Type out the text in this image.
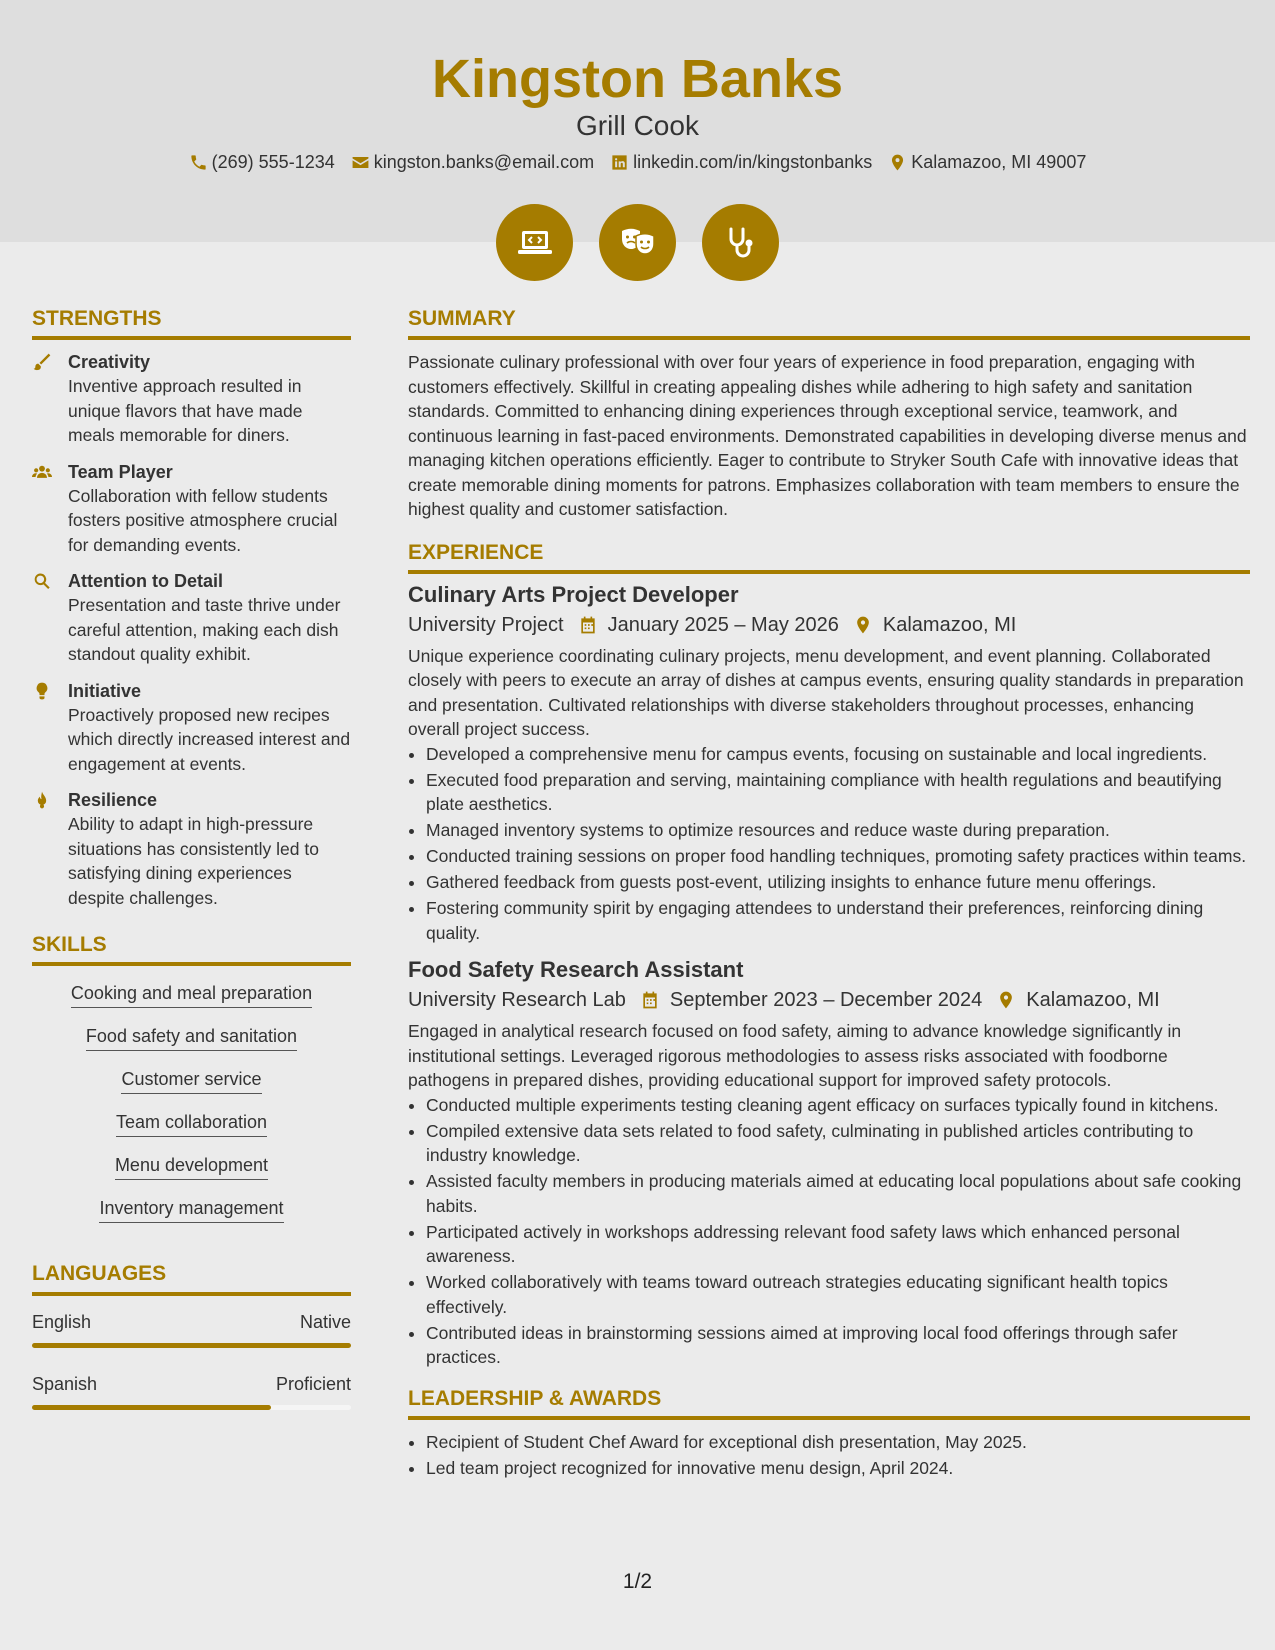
Kingston Banks
Grill Cook
(269) 555-1234 kingston.banks@email.com linkedin.com/in/kingstonbanks Kalamazoo, MI 49007
STRENGTHS
Creativity
Inventive approach resulted in unique flavors that have made meals memorable for diners.
Team Player
Collaboration with fellow students fosters positive atmosphere crucial for demanding events.
Attention to Detail
Presentation and taste thrive under careful attention, making each dish standout quality exhibit.
Initiative
Proactively proposed new recipes which directly increased interest and engagement at events.
Resilience
Ability to adapt in high-pressure situations has consistently led to satisfying dining experiences despite challenges.
SKILLS
Cooking and meal preparation
Food safety and sanitation
Customer service
Team collaboration
Menu development
Inventory management
LANGUAGES
English	Native
Spanish	Proficient
SUMMARY
Passionate culinary professional with over four years of experience in food preparation, engaging with customers effectively. Skillful in creating appealing dishes while adhering to high safety and sanitation standards. Committed to enhancing dining experiences through exceptional service, teamwork, and continuous learning in fast-paced environments. Demonstrated capabilities in developing diverse menus and managing kitchen operations efficiently. Eager to contribute to Stryker South Cafe with innovative ideas that create memorable dining moments for patrons. Emphasizes collaboration with team members to ensure the highest quality and customer satisfaction.
EXPERIENCE
Culinary Arts Project Developer
University Project January 2025 – May 2026 Kalamazoo, MI
Unique experience coordinating culinary projects, menu development, and event planning. Collaborated closely with peers to execute an array of dishes at campus events, ensuring quality standards in preparation and presentation. Cultivated relationships with diverse stakeholders throughout processes, enhancing overall project success.
• Developed a comprehensive menu for campus events, focusing on sustainable and local ingredients.
• Executed food preparation and serving, maintaining compliance with health regulations and beautifying plate aesthetics.
• Managed inventory systems to optimize resources and reduce waste during preparation.
• Conducted training sessions on proper food handling techniques, promoting safety practices within teams.
• Gathered feedback from guests post-event, utilizing insights to enhance future menu offerings.
• Fostering community spirit by engaging attendees to understand their preferences, reinforcing dining quality.
Food Safety Research Assistant
University Research Lab September 2023 – December 2024 Kalamazoo, MI
Engaged in analytical research focused on food safety, aiming to advance knowledge significantly in institutional settings. Leveraged rigorous methodologies to assess risks associated with foodborne pathogens in prepared dishes, providing educational support for improved safety protocols.
• Conducted multiple experiments testing cleaning agent efficacy on surfaces typically found in kitchens.
• Compiled extensive data sets related to food safety, culminating in published articles contributing to industry knowledge.
• Assisted faculty members in producing materials aimed at educating local populations about safe cooking habits.
• Participated actively in workshops addressing relevant food safety laws which enhanced personal awareness.
• Worked collaboratively with teams toward outreach strategies educating significant health topics effectively.
• Contributed ideas in brainstorming sessions aimed at improving local food offerings through safer practices.
LEADERSHIP & AWARDS
• Recipient of Student Chef Award for exceptional dish presentation, May 2025.
• Led team project recognized for innovative menu design, April 2024.
1/2
